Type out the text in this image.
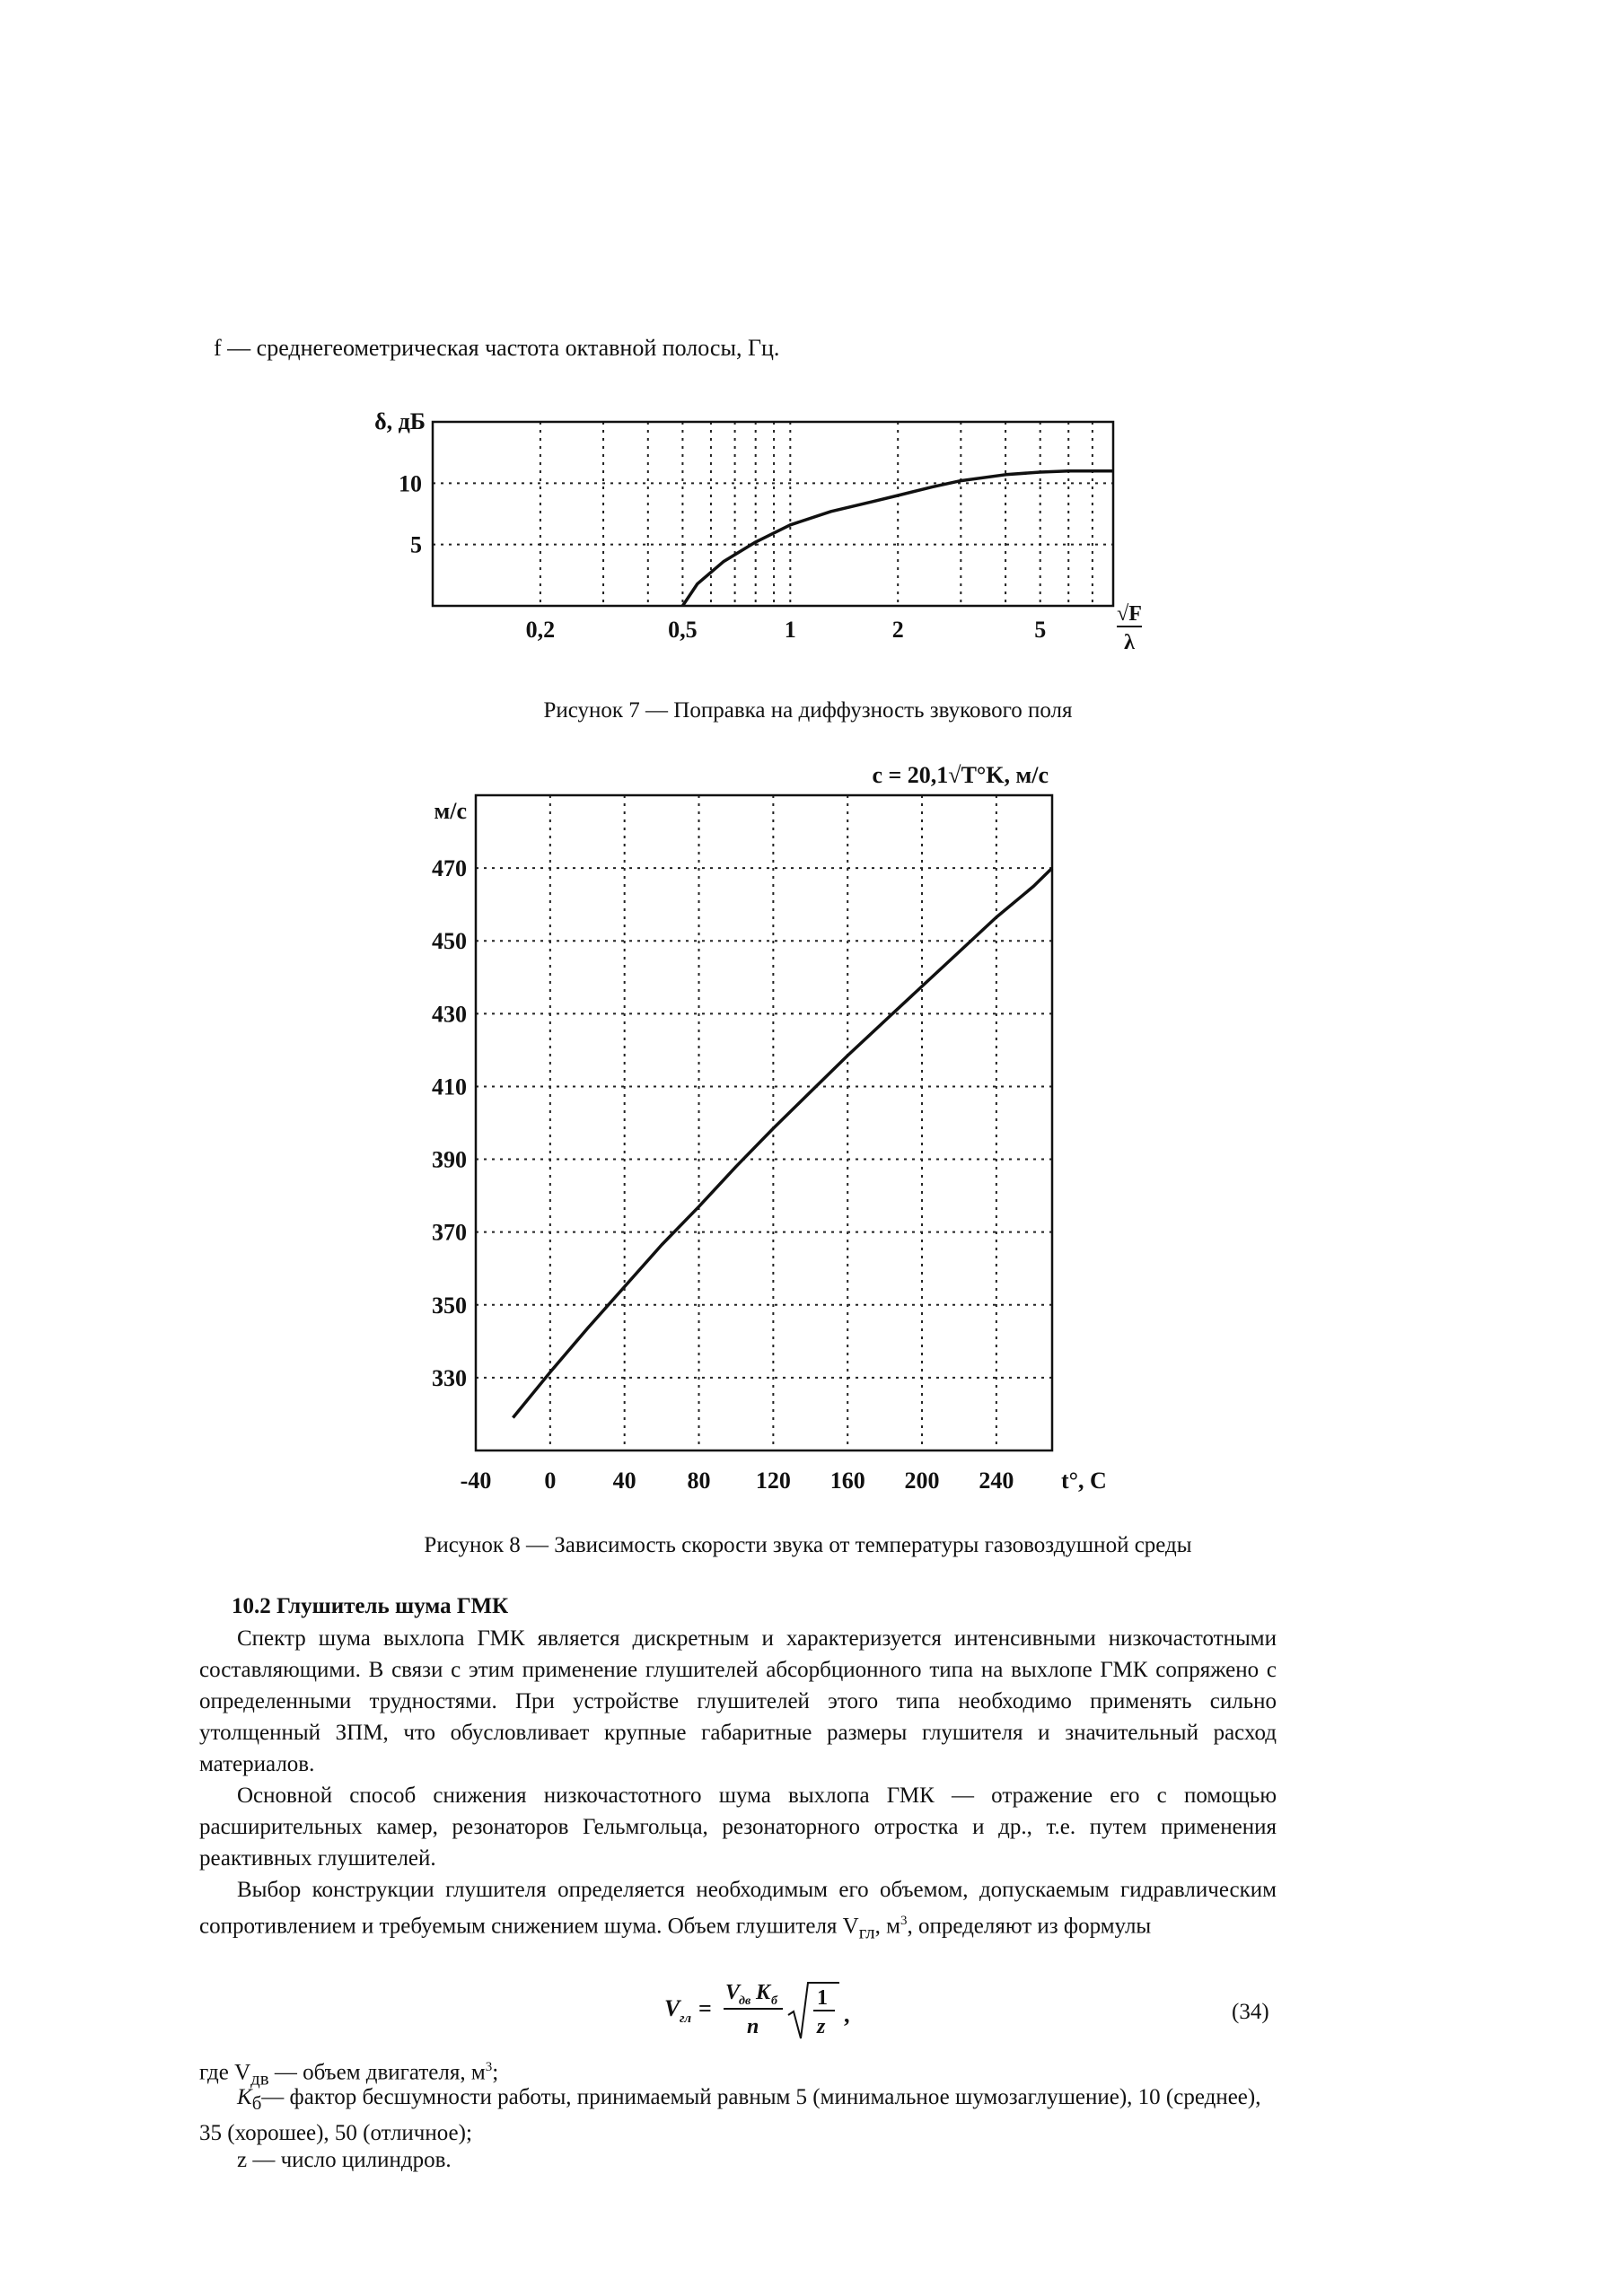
f — среднегеометрическая частота октавной полосы, Гц.
δ, дБ
0,2	0,5	1	2	5
5
10
√F
λ
Рисунок 7 — Поправка на диффузность звукового поля
м/с
c = 20,1√T°K, м/c
-40 0 40 80 120 160 200 240
330
350
370
390
410
430
450
470
t°, C
Рисунок 8 — Зависимость скорости звука от температуры газовоздушной среды
10.2 Глушитель шума ГМК

Спектр шума выхлопа ГМК является дискретным и характеризуется интенсивными низкочастотными составляющими. В связи с этим применение глушителей абсорбционного типа на выхлопе ГМК сопряжено с определенными трудностями. При устройстве глушителей этого типа необходимо применять сильно утолщенный ЗПМ, что обусловливает крупные габаритные размеры глушителя и значительный расход материалов.

Основной способ снижения низкочастотного шума выхлопа ГМК — отражение его с помощью расширительных камер, резонаторов Гельмгольца, резонаторного отростка и др., т.е. путем применения реактивных глушителей.

Выбор конструкции глушителя определяется необходимым его объемом, допускаемым гидравлическим сопротивлением и требуемым снижением шума. Объем глушителя $V_{гл}$, $м^3$, определяют из формулы

V гл =
V
дв K б
n
1
z ,	(34)
где $V_{дв}$ — объем двигателя, $м^3$;
$K_б—$ фактор бесшумности работы, принимаемый равным 5 (минимальное шумозаглушение), 10 (среднее), 35 (хорошее), 50 (отличное);
z — число цилиндров.
